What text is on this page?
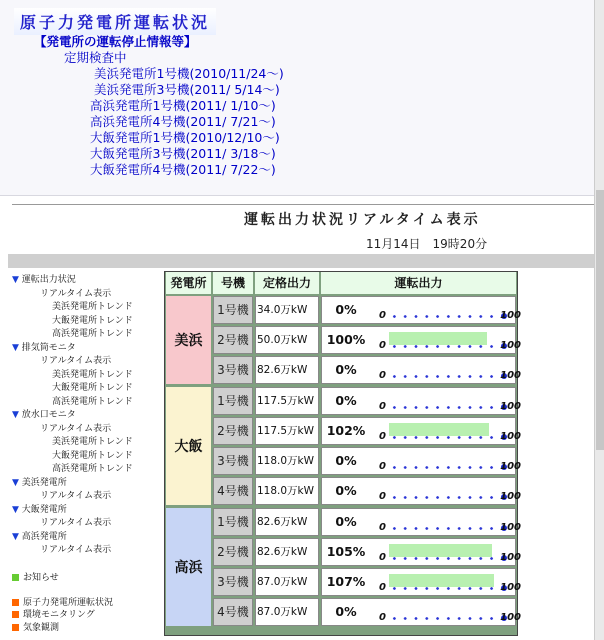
原子力発電所運転状況
【発電所の運転停止情報等】
定期検査中
美浜発電所1号機(2010/11/24～)
美浜発電所3号機(2011/ 5/14～)
高浜発電所1号機(2011/ 1/10～)
高浜発電所4号機(2011/ 7/21～)
大飯発電所1号機(2010/12/10～)
大飯発電所3号機(2011/ 3/18～)
大飯発電所4号機(2011/ 7/22～)
運転出力状況リアルタイム表示
11月14日　19時20分
▼ 運転出力状況
リアルタイム表示
美浜発電所トレンド
大飯発電所トレンド
高浜発電所トレンド
▼ 排気筒モニタ
リアルタイム表示
美浜発電所トレンド
大飯発電所トレンド
高浜発電所トレンド
▼ 放水口モニタ
リアルタイム表示
美浜発電所トレンド
大飯発電所トレンド
高浜発電所トレンド
▼ 美浜発電所
リアルタイム表示
▼ 大飯発電所
リアルタイム表示
▼ 高浜発電所
リアルタイム表示
お知らせ
原子力発電所運転状況
環境モニタリング
気象観測
発電所	号機	定格出力	運転出力
美浜
1号機 34.0万kW	0%	0	100
2号機 50.0万kW	100%	0	100
3号機 82.6万kW	0%	0	100
大飯
1号機 117.5万kW	0%	0	100
2号機 117.5万kW	102%	0	100
3号機 118.0万kW	0%	0	100
4号機 118.0万kW	0%	0	100
高浜
1号機 82.6万kW	0%	0	100
2号機 82.6万kW	105%	0	100
3号機 87.0万kW	107%	0	100
4号機 87.0万kW	0%	0	100
